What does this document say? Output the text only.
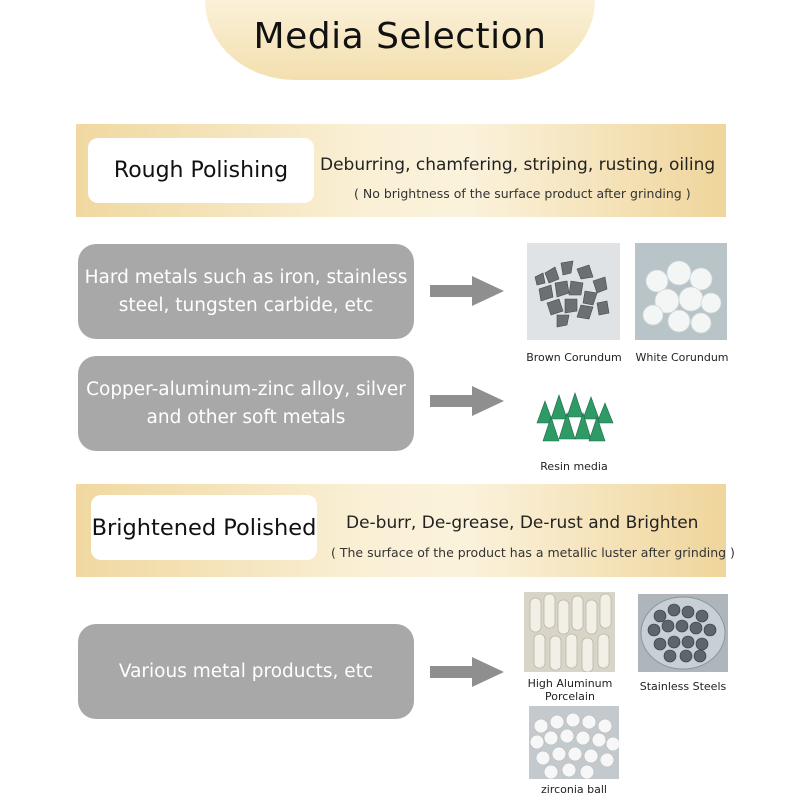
Media Selection
Rough Polishing	Deburring, chamfering, striping, rusting, oiling
( No brightness of the surface product after grinding )
Hard metals such as iron, stainless steel, tungsten carbide, etc
Brown Corundum	White Corundum
Copper-aluminum-zinc alloy, silver and other soft metals
Resin media
Brightened Polished De-burr, De-grease, De-rust and Brighten
( The surface of the product has a metallic luster after grinding )
Various metal products, etc
High Aluminum Porcelain
Stainless Steels
zirconia ball
